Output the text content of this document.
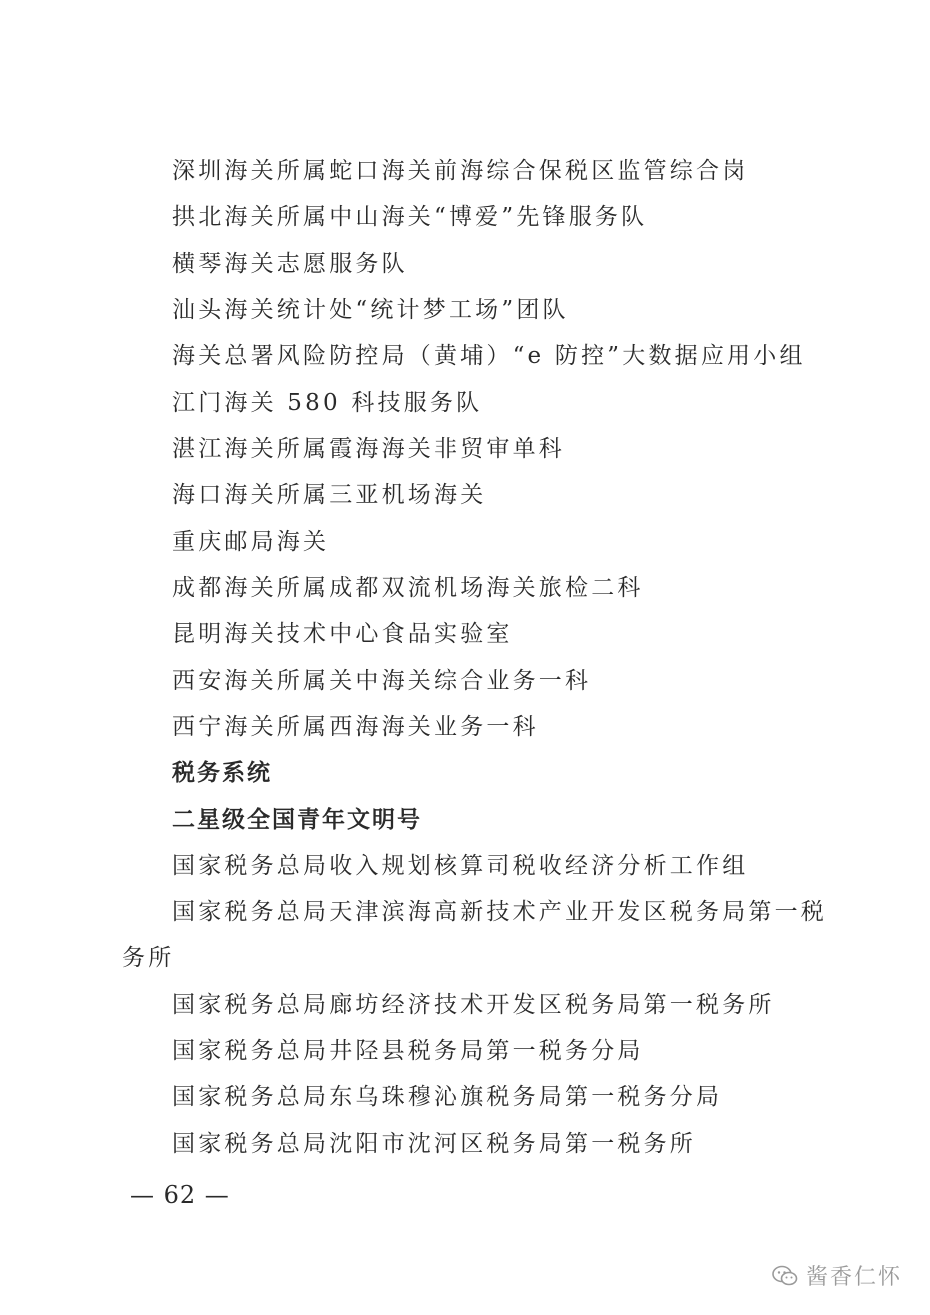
深圳海关所属蛇口海关前海综合保税区监管综合岗
拱北海关所属中山海关“博爱”先锋服务队
横琴海关志愿服务队
汕头海关统计处“统计梦工场”团队
海关总署风险防控局（黄埔）“e 防控”大数据应用小组
江门海关 580 科技服务队
湛江海关所属霞海海关非贸审单科
海口海关所属三亚机场海关
重庆邮局海关
成都海关所属成都双流机场海关旅检二科
昆明海关技术中心食品实验室
西安海关所属关中海关综合业务一科
西宁海关所属西海海关业务一科
税务系统
二星级全国青年文明号
国家税务总局收入规划核算司税收经济分析工作组
国家税务总局天津滨海高新技术产业开发区税务局第一税
务所
国家税务总局廊坊经济技术开发区税务局第一税务所
国家税务总局井陉县税务局第一税务分局
国家税务总局东乌珠穆沁旗税务局第一税务分局
国家税务总局沈阳市沈河区税务局第一税务所
— 62 —
酱香仁怀
